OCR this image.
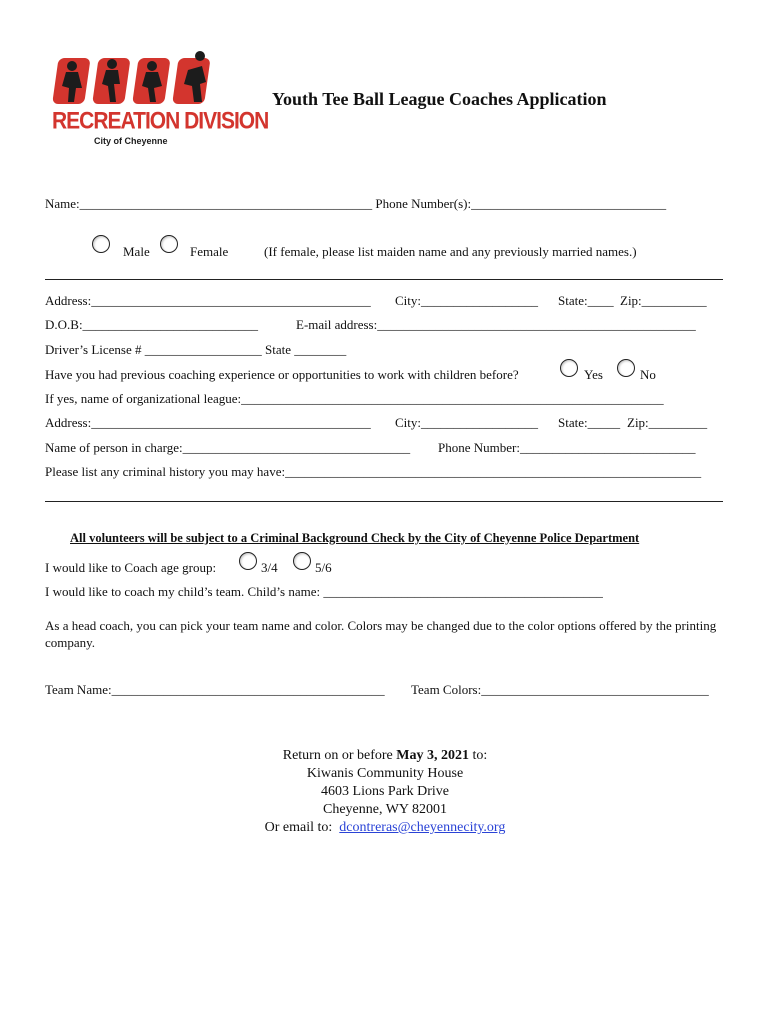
RECREATION DIVISION
City of Cheyenne
Youth Tee Ball League Coaches Application
Name:_____________________________________________ Phone Number(s):______________________________
Male	Female	(If female, please list maiden name and any previously married names.)
Address:___________________________________________ City:__________________ State:____ Zip:__________
D.O.B:___________________________	E-mail address:_________________________________________________
Driver’s License # __________________ State ________
Have you had previous coaching experience or opportunities to work with children before?	Yes	No
If yes, name of organizational league:_________________________________________________________________
Address:___________________________________________ City:__________________ State:_____ Zip:_________
Name of person in charge:___________________________________ Phone Number:___________________________
Please list any criminal history you may have:________________________________________________________________
All volunteers will be subject to a Criminal Background Check by the City of Cheyenne Police Department
I would like to Coach age group:	3/4	5/6
I would like to coach my child’s team. Child’s name: ___________________________________________
As a head coach, you can pick your team name and color. Colors may be changed due to the color options offered by the printing company.
Team Name:__________________________________________ Team Colors:___________________________________
Return on or before May 3, 2021 to:
Kiwanis Community House
4603 Lions Park Drive
Cheyenne, WY 82001
Or email to:  dcontreras@cheyennecity.org
